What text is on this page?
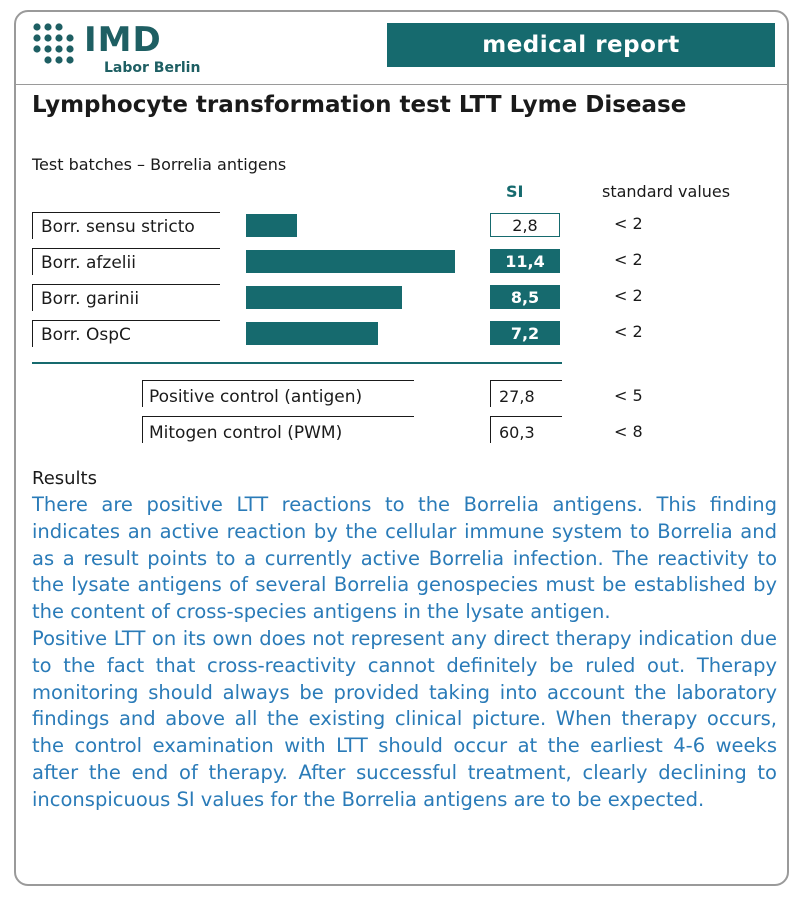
IMD
Labor Berlin
medical report
Lymphocyte transformation test LTT Lyme Disease
Test batches – Borrelia antigens
SI	standard values
Borr. sensu stricto	2,8	< 2
Borr. afzelii	11,4	< 2
Borr. garinii	8,5	< 2
Borr. OspC	7,2	< 2
Positive control (antigen)	27,8	< 5
Mitogen control (PWM)	60,3	< 8
Results

There are positive LTT reactions to the Borrelia antigens. This finding indicates an active reaction by the cellular immune system to Borrelia and as a result points to a currently active Borrelia infection. The reactivity to the lysate antigens of several Borrelia genospecies must be established by the content of cross-species antigens in the lysate antigen.

Positive LTT on its own does not represent any direct therapy indication due to the fact that cross-reactivity cannot definitely be ruled out. Therapy monitoring should always be provided taking into account the laboratory findings and above all the existing clinical picture. When therapy occurs, the control examination with LTT should occur at the earliest 4-6 weeks after the end of therapy. After successful treatment, clearly declining to inconspicuous SI values for the Borrelia antigens are to be expected.
